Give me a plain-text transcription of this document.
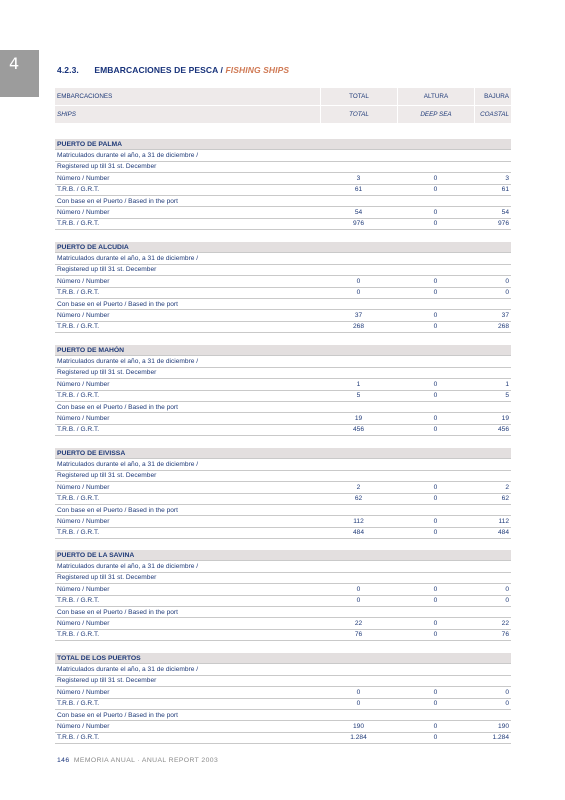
4	4.2.3. EMBARCACIONES DE PESCA / FISHING SHIPS
EMBARCACIONES	TOTAL	ALTURA	BAJURA
SHIPS	TOTAL	DEEP SEA	COASTAL
PUERTO DE PALMA
Matriculados durante el año, a 31 de diciembre /
Registered up till 31 st. December
Número / Number	3	0	3
T.R.B. / G.R.T.	61	0	61
Con base en el Puerto / Based in the port
Número / Number	54	0	54
T.R.B. / G.R.T.	976	0	976
PUERTO DE ALCUDIA
Matriculados durante el año, a 31 de diciembre /
Registered up till 31 st. December
Número / Number	0	0	0
T.R.B. / G.R.T.	0	0	0
Con base en el Puerto / Based in the port
Número / Number	37	0	37
T.R.B. / G.R.T.	268	0	268
PUERTO DE MAHÓN
Matriculados durante el año, a 31 de diciembre /
Registered up till 31 st. December
Número / Number	1	0	1
T.R.B. / G.R.T.	5	0	5
Con base en el Puerto / Based in the port
Número / Number	19	0	19
T.R.B. / G.R.T.	456	0	456
PUERTO DE EIVISSA
Matriculados durante el año, a 31 de diciembre /
Registered up till 31 st. December
Número / Number	2	0	2
T.R.B. / G.R.T.	62	0	62
Con base en el Puerto / Based in the port
Número / Number	112	0	112
T.R.B. / G.R.T.	484	0	484
PUERTO DE LA SAVINA
Matriculados durante el año, a 31 de diciembre /
Registered up till 31 st. December
Número / Number	0	0	0
T.R.B. / G.R.T.	0	0	0
Con base en el Puerto / Based in the port
Número / Number	22	0	22
T.R.B. / G.R.T.	76	0	76
TOTAL DE LOS PUERTOS
Matriculados durante el año, a 31 de diciembre /
Registered up till 31 st. December
Número / Number	0	0	0
T.R.B. / G.R.T.	0	0	0
Con base en el Puerto / Based in the port
Número / Number	190	0	190
T.R.B. / G.R.T.	1.284	0	1.284
146 MEMORIA ANUAL · ANUAL REPORT 2003
